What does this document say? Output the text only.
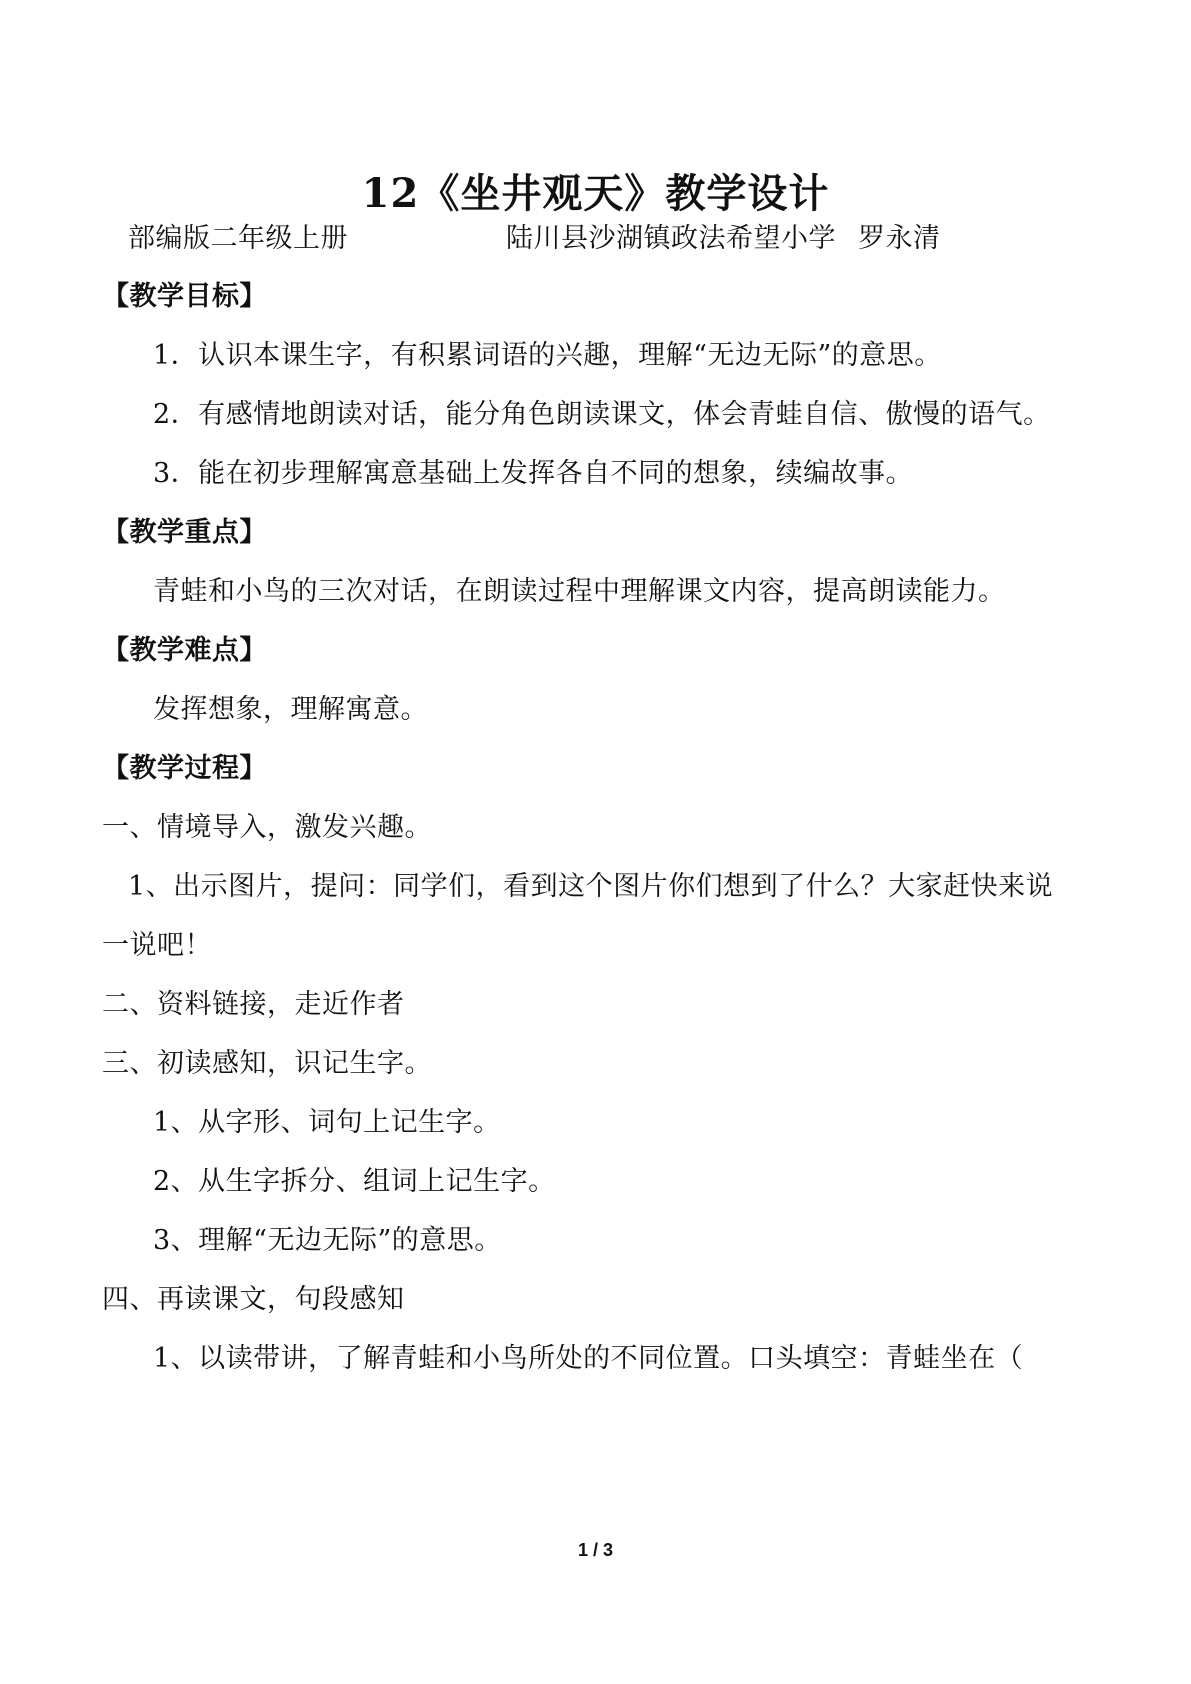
12《坐井观天》教学设计
部编版二年级上册	陆川县沙湖镇政法希望小学 罗永清
【教学目标】
1．认识本课生字，有积累词语的兴趣，理解“无边无际”的意思。
2．有感情地朗读对话，能分角色朗读课文，体会青蛙自信、傲慢的语气。
3．能在初步理解寓意基础上发挥各自不同的想象，续编故事。
【教学重点】
青蛙和小鸟的三次对话，在朗读过程中理解课文内容，提高朗读能力。
【教学难点】
发挥想象，理解寓意。
【教学过程】
一、情境导入，激发兴趣。
1、出示图片，提问：同学们，看到这个图片你们想到了什么？大家赶快来说
一说吧！
二、资料链接，走近作者
三、初读感知，识记生字。
1、从字形、词句上记生字。
2、从生字拆分、组词上记生字。
3、理解“无边无际”的意思。
四、再读课文，句段感知
1、以读带讲，了解青蛙和小鸟所处的不同位置。口头填空：青蛙坐在（
1 / 3
